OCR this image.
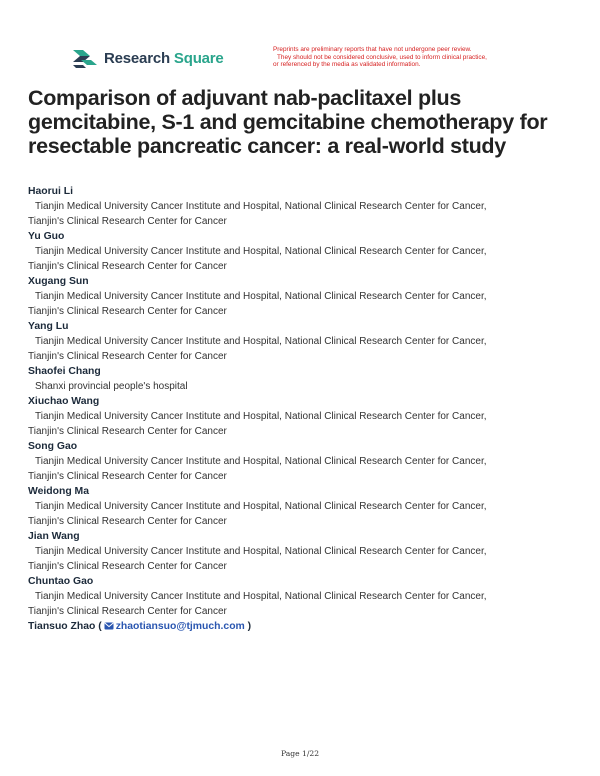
Research Square	Preprints are preliminary reports that have not undergone peer review.
They should not be considered conclusive, used to inform clinical practice,
or referenced by the media as validated information.
Comparison of adjuvant nab-paclitaxel plus
gemcitabine, S-1 and gemcitabine chemotherapy for
resectable pancreatic cancer: a real-world study
Haorui Li
Tianjin Medical University Cancer Institute and Hospital, National Clinical Research Center for Cancer,
Tianjin's Clinical Research Center for Cancer
Yu Guo
Tianjin Medical University Cancer Institute and Hospital, National Clinical Research Center for Cancer,
Tianjin's Clinical Research Center for Cancer
Xugang Sun
Tianjin Medical University Cancer Institute and Hospital, National Clinical Research Center for Cancer,
Tianjin's Clinical Research Center for Cancer
Yang Lu
Tianjin Medical University Cancer Institute and Hospital, National Clinical Research Center for Cancer,
Tianjin's Clinical Research Center for Cancer
Shaofei Chang
Shanxi provincial people's hospital
Xiuchao Wang
Tianjin Medical University Cancer Institute and Hospital, National Clinical Research Center for Cancer,
Tianjin's Clinical Research Center for Cancer
Song Gao
Tianjin Medical University Cancer Institute and Hospital, National Clinical Research Center for Cancer,
Tianjin's Clinical Research Center for Cancer
Weidong Ma
Tianjin Medical University Cancer Institute and Hospital, National Clinical Research Center for Cancer,
Tianjin's Clinical Research Center for Cancer
Jian Wang
Tianjin Medical University Cancer Institute and Hospital, National Clinical Research Center for Cancer,
Tianjin's Clinical Research Center for Cancer
Chuntao Gao
Tianjin Medical University Cancer Institute and Hospital, National Clinical Research Center for Cancer,
Tianjin's Clinical Research Center for Cancer
Tiansuo Zhao ( zhaotiansuo@tjmuch.com )
Page 1/22
